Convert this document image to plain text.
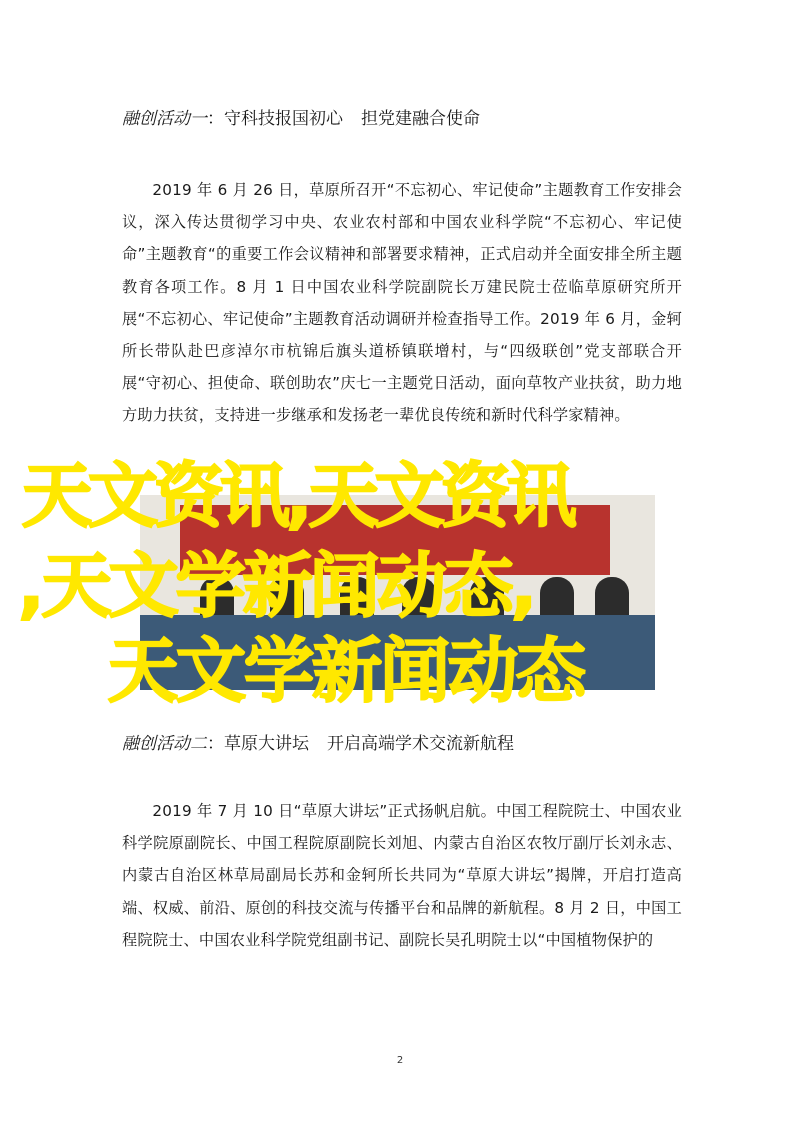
融创活动一：守科技报国初心 担党建融合使命

2019 年 6 月 26 日，草原所召开“不忘初心、牢记使命”主题教育工作安排会议，深入传达贯彻学习中央、农业农村部和中国农业科学院“不忘初心、牢记使命”主题教育“的重要工作会议精神和部署要求精神，正式启动并全面安排全所主题教育各项工作。8 月 1 日中国农业科学院副院长万建民院士莅临草原研究所开展“不忘初心、牢记使命”主题教育活动调研并检查指导工作。2019 年 6 月，金轲所长带队赴巴彦淖尔市杭锦后旗头道桥镇联增村，与“四级联创”党支部联合开展“守初心、担使命、联创助农”庆七一主题党日活动，面向草牧产业扶贫，助力地方助力扶贫，支持进一步继承和发扬老一辈优良传统和新时代科学家精神。

天文资讯,天文资讯
,天文学新闻动态,
天文学新闻动态
融创活动二：草原大讲坛 开启高端学术交流新航程

2019 年 7 月 10 日“草原大讲坛”正式扬帆启航。中国工程院院士、中国农业科学院原副院长、中国工程院原副院长刘旭、内蒙古自治区农牧厅副厅长刘永志、内蒙古自治区林草局副局长苏和金轲所长共同为“草原大讲坛”揭牌，开启打造高端、权威、前沿、原创的科技交流与传播平台和品牌的新航程。8 月 2 日，中国工程院院士、中国农业科学院党组副书记、副院长吴孔明院士以“中国植物保护的

2
